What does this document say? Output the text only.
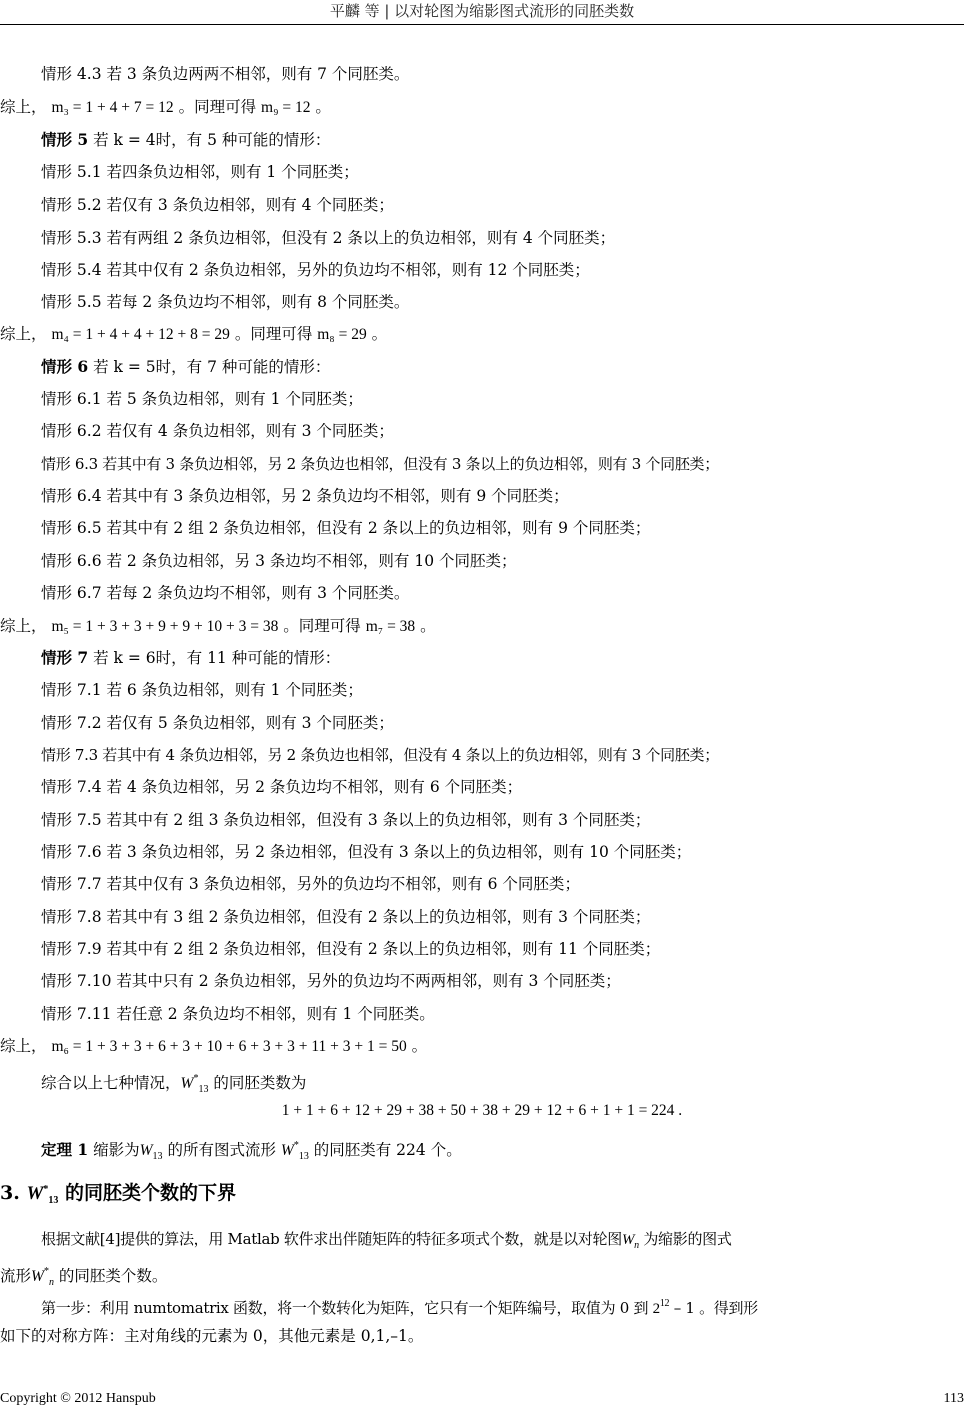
平麟 等 | 以对轮图为缩影图式流形的同胚类数
情形 4.3 若 3 条负边两两不相邻，则有 7 个同胚类。
综上， m₃ = 1 + 4 + 7 = 12 。同理可得 m₉ = 12 。
情形 5 若 k = 4时，有 5 种可能的情形：
情形 5.1 若四条负边相邻，则有 1 个同胚类；
情形 5.2 若仅有 3 条负边相邻，则有 4 个同胚类；
情形 5.3 若有两组 2 条负边相邻，但没有 2 条以上的负边相邻，则有 4 个同胚类；
情形 5.4 若其中仅有 2 条负边相邻，另外的负边均不相邻，则有 12 个同胚类；
情形 5.5 若每 2 条负边均不相邻，则有 8 个同胚类。
综上， m₄ = 1 + 4 + 4 + 12 + 8 = 29 。同理可得 m₈ = 29 。
情形 6 若 k = 5时，有 7 种可能的情形：
情形 6.1 若 5 条负边相邻，则有 1 个同胚类；
情形 6.2 若仅有 4 条负边相邻，则有 3 个同胚类；
情形 6.3 若其中有 3 条负边相邻，另 2 条负边也相邻，但没有 3 条以上的负边相邻，则有 3 个同胚类；
情形 6.4 若其中有 3 条负边相邻，另 2 条负边均不相邻，则有 9 个同胚类；
情形 6.5 若其中有 2 组 2 条负边相邻，但没有 2 条以上的负边相邻，则有 9 个同胚类；
情形 6.6 若 2 条负边相邻，另 3 条边均不相邻，则有 10 个同胚类；
情形 6.7 若每 2 条负边均不相邻，则有 3 个同胚类。
综上， m₅ = 1 + 3 + 3 + 9 + 9 + 10 + 3 = 38 。同理可得 m₇ = 38 。
情形 7 若 k = 6时，有 11 种可能的情形：
情形 7.1 若 6 条负边相邻，则有 1 个同胚类；
情形 7.2 若仅有 5 条负边相邻，则有 3 个同胚类；
情形 7.3 若其中有 4 条负边相邻，另 2 条负边也相邻，但没有 4 条以上的负边相邻，则有 3 个同胚类；
情形 7.4 若 4 条负边相邻，另 2 条负边均不相邻，则有 6 个同胚类；
情形 7.5 若其中有 2 组 3 条负边相邻，但没有 3 条以上的负边相邻，则有 3 个同胚类；
情形 7.6 若 3 条负边相邻，另 2 条边相邻，但没有 3 条以上的负边相邻，则有 10 个同胚类；
情形 7.7 若其中仅有 3 条负边相邻，另外的负边均不相邻，则有 6 个同胚类；
情形 7.8 若其中有 3 组 2 条负边相邻，但没有 2 条以上的负边相邻，则有 3 个同胚类；
情形 7.9 若其中有 2 组 2 条负边相邻，但没有 2 条以上的负边相邻，则有 11 个同胚类；
情形 7.10 若其中只有 2 条负边相邻，另外的负边均不两两相邻，则有 3 个同胚类；
情形 7.11 若任意 2 条负边均不相邻，则有 1 个同胚类。
综上， m₆ = 1 + 3 + 3 + 6 + 3 + 10 + 6 + 3 + 3 + 11 + 3 + 1 = 50 。
综合以上七种情况，$W^*_{13}$ 的同胚类数为
1 + 1 + 6 + 12 + 29 + 38 + 50 + 38 + 29 + 12 + 6 + 1 + 1 = 224 .
定理 1 缩影为$W_{13}$ 的所有图式流形 $W^*_{13}$ 的同胚类有 224 个。
3. $W^*_{13}$ 的同胚类个数的下界
根据文献[4]提供的算法，用 Matlab 软件求出伴随矩阵的特征多项式个数，就是以对轮图$W_n$ 为缩影的图式
流形$W^*_n$ 的同胚类个数。
第一步：利用 numtomatrix 函数，将一个数转化为矩阵，它只有一个矩阵编号，取值为 0 到 $2^{12} - 1$ 。得到形
如下的对称方阵：主对角线的元素为 0，其他元素是 0,1,–1。
Copyright © 2012 Hanspub	113
